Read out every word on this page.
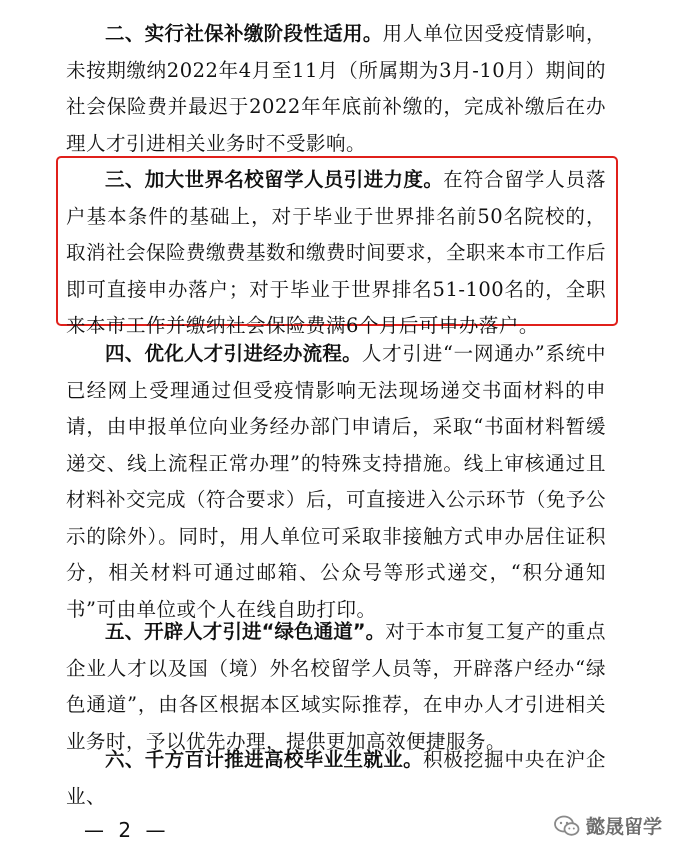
二、实行社保补缴阶段性适用。用人单位因受疫情影响，未按期缴纳2022年4月至11月（所属期为3月-10月）期间的社会保险费并最迟于2022年年底前补缴的，完成补缴后在办理人才引进相关业务时不受影响。

三、加大世界名校留学人员引进力度。在符合留学人员落户基本条件的基础上，对于毕业于世界排名前50名院校的，取消社会保险费缴费基数和缴费时间要求，全职来本市工作后即可直接申办落户；对于毕业于世界排名51-100名的，全职来本市工作并缴纳社会保险费满6个月后可申办落户。

四、优化人才引进经办流程。人才引进“一网通办”系统中已经网上受理通过但受疫情影响无法现场递交书面材料的申请，由申报单位向业务经办部门申请后，采取“书面材料暂缓递交、线上流程正常办理”的特殊支持措施。线上审核通过且材料补交完成（符合要求）后，可直接进入公示环节（免予公示的除外）。同时，用人单位可采取非接触方式申办居住证积分，相关材料可通过邮箱、公众号等形式递交，“积分通知书”可由单位或个人在线自助打印。

五、开辟人才引进“绿色通道”。对于本市复工复产的重点企业人才以及国（境）外名校留学人员等，开辟落户经办“绿色通道”，由各区根据本区域实际推荐，在申办人才引进相关业务时，予以优先办理，提供更加高效便捷服务。

六、千方百计推进高校毕业生就业。积极挖掘中央在沪企业、

— 2 —	懿晟留学
